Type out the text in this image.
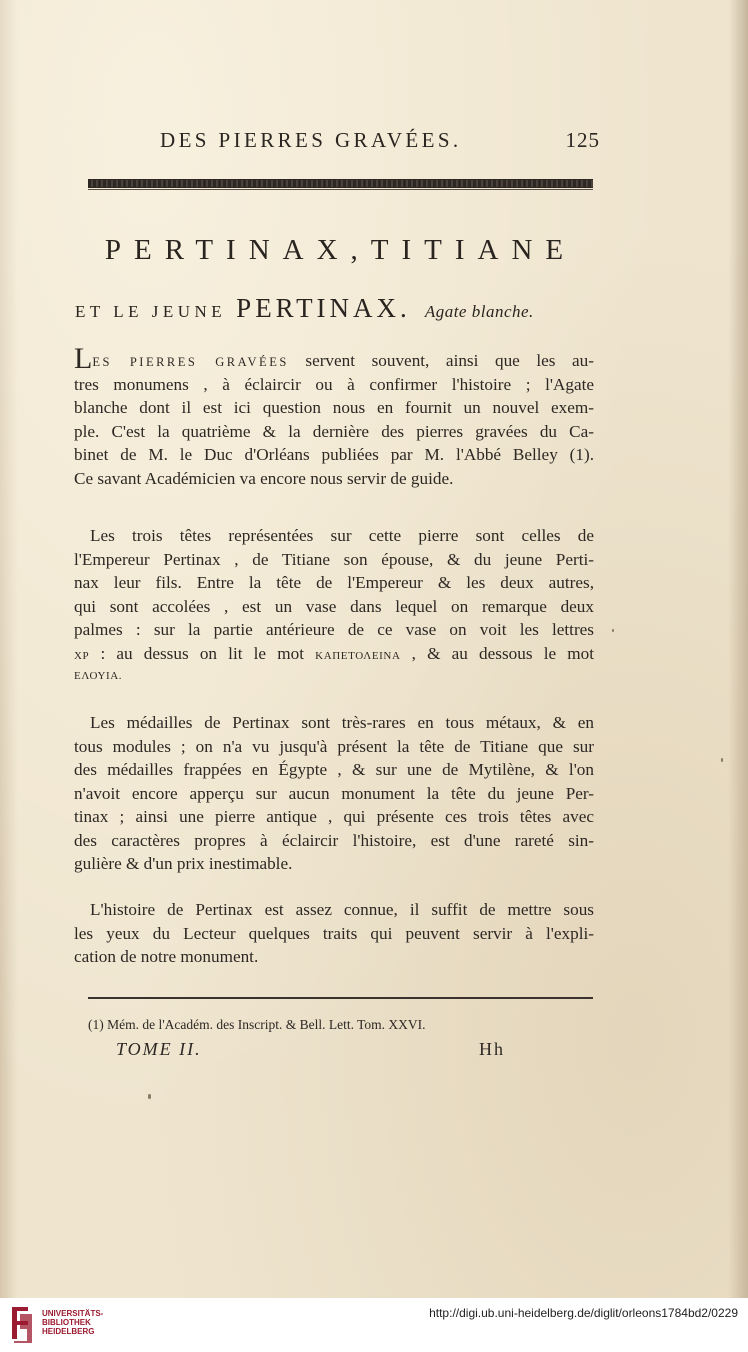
DES PIERRES GRAVÉES.	125
PERTINAX,TITIANE
ET LE JEUNE PERTINAX. Agate blanche.
LES PIERRES GRAVÉES servent souvent, ainsi que les au-
tres monumens , à éclaircir ou à confirmer l'histoire ; l'Agate
blanche dont il est ici question nous en fournit un nouvel exem-
ple. C'est la quatrième & la dernière des pierres gravées du Ca-
binet de M. le Duc d'Orléans publiées par M. l'Abbé Belley (1).
Ce savant Académicien va encore nous servir de guide.
Les trois têtes représentées sur cette pierre sont celles de
l'Empereur Pertinax , de Titiane son épouse, & du jeune Perti-
nax leur fils. Entre la tête de l'Empereur & les deux autres,
qui sont accolées , est un vase dans lequel on remarque deux
palmes : sur la partie antérieure de ce vase on voit les lettres
ΧΡ : au dessus on lit le mot ΚΑΠΕΤΟΛΕΙΝΑ , & au dessous le mot
ΕΛΟΥΙΑ.
Les médailles de Pertinax sont très-rares en tous métaux, & en
tous modules ; on n'a vu jusqu'à présent la tête de Titiane que sur
des médailles frappées en Égypte , & sur une de Mytilène, & l'on
n'avoit encore apperçu sur aucun monument la tête du jeune Per-
tinax ; ainsi une pierre antique , qui présente ces trois têtes avec
des caractères propres à éclaircir l'histoire, est d'une rareté sin-
gulière & d'un prix inestimable.
L'histoire de Pertinax est assez connue, il suffit de mettre sous
les yeux du Lecteur quelques traits qui peuvent servir à l'expli-
cation de notre monument.
(1) Mém. de l'Académ. des Inscript. & Bell. Lett. Tom. XXVI.
TOME II.	Hh
UNIVERSITÄTS-
BIBLIOTHEK
HEIDELBERG
http://digi.ub.uni-heidelberg.de/diglit/orleons1784bd2/0229
